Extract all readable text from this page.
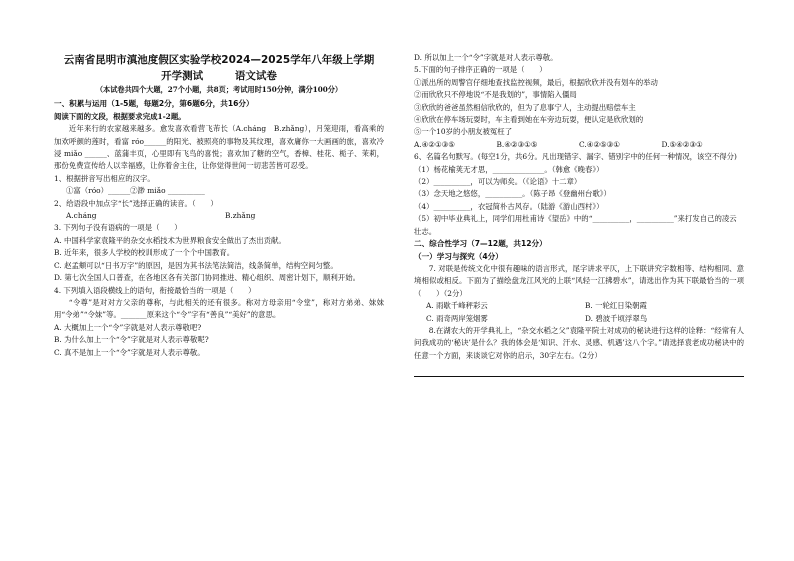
云南省昆明市滇池度假区实验学校2024—2025学年八年级上学期
开学测试	语文试卷
（本试卷共四个大题，27个小题，共8页；考试用时150分钟，满分100分）
一、积累与运用（1-5题，每题2分，第6题6分，共16分）
阅读下面的文段，根据要求完成1-2题。
近年来行的农家越来越多。愈发喜欢看营飞芾长（A.cháng　B.zhǎng），月笼迎雨，看高乘的加欢呼颜的莲时，看富 róo______的阳光、被照亮的事物及其纹理，喜欢庸你一大画画的旅，喜欢冷浸 miǎo ______、蓝蒲丰页，心里即有飞鸟的喜悦；喜欢加了糖的空气，香樟、桂花、栀子、茉莉，那份免费宣传给人以幸福感，让你着舍主住，让你觉得世间一切悲苦皆可忍受。
1、根据拼音写出相应的汉字。
①富（róo）______②渺 miǎo __________
2、给语段中加点字“长”选择正确的读音。（　　）
A.cháng	B.zhǎng
3. 下列句子没有语病的一项是（　　）
A. 中国科学家袁隆平的杂交水稻技术为世界粮食安全做出了杰出贡献。
B. 近年来，很多人学校的校训形成了一个个中国教育。
C. 赵孟頫可以“日书万字”的原因，是因为其书法笔法简洁，线条简单，结构空间匀整。
D. 第七次全国人口普查，在各地区各有关部门协同推进、精心组织、周密计划下，顺利开始。
4. 下列填入语段横线上的语句，衔接最恰当的一项是（　　）
“令尊”是对对方父亲的尊称，与此相关的还有很多。称对方母亲用“令堂”，称对方弟弟、妹妹用“令弟”“令妹”等。_______原来这个“令”字有“善良”“美好”的意思。
A. 大概加上一个“令”字就是对人表示尊敬吧?
B. 为什么加上一个“令”字就是对人表示尊敬呢?
C. 真不是加上一个“令”字就是对人表示尊敬。
D. 所以加上一个“令”字就是对人表示尊敬。
5.下面的句子排序正确的一项是（　　）
①派出所的周警官仔细地查找监控视频，最后，根据欣欣并没有划车的举动
②而欣欣只不停地说“不是我划的”，事情陷入僵局
③欣欣的爸爸虽然相信欣欣的，但为了息事宁人，主动提出赔偿车主
④欣欣在停车场玩耍时，车主看到她在车旁边玩耍，便认定是欣欣划的
⑤一个10岁的小朋友被冤枉了
A.④②①③⑤	B.④②③①⑤	C.④②⑤③①	D.⑤④②③①
6、名篇名句默写。(每空1分，共6分。凡出现错字、漏字、错别字中的任何一种情况，该空不得分)
（1）杨花榆荚无才思，______________。（韩愈《晚春》）
（2）__________，可以为师矣。（《论语》十二章）
（3）念天地之悠悠，__________。（陈子昂《登幽州台歌》）
（4）__________，衣冠简朴古风存。（陆游《游山西村》）
（5）初中毕业典礼上，同学们用杜甫诗《望岳》中的“__________，__________”来打发自己的凌云壮志。
二、综合性学习（7—12题，共12分）
（一）学习与探究（4分）
7. 对联是传统文化中很有趣味的语言形式，尾字讲求平仄，上下联讲究字数相等、结构相同、意境相似或相反。下面为了描绘盘龙江风光的上联“风轻一江拂碧水”，请选出作为其下联最恰当的一项（　　）（2分）
A. 雨歇千峰秤彩云	B. 一轮红日染朝霞
C. 雨奇两岸笼烟雾	D. 碧波千顷浮翠鸟
8.在湖农大的开学典礼上，“杂交水稻之父”袁隆平院士对成功的秘诀进行这样的诠释：“经常有人问我成功的‘秘诀’是什么？我的体会是‘知识、汗水、灵感、机遇’这八个字。”请选择袁老成功秘诀中的任意一个方面，来谈谈它对你的启示，30字左右。（2分）
